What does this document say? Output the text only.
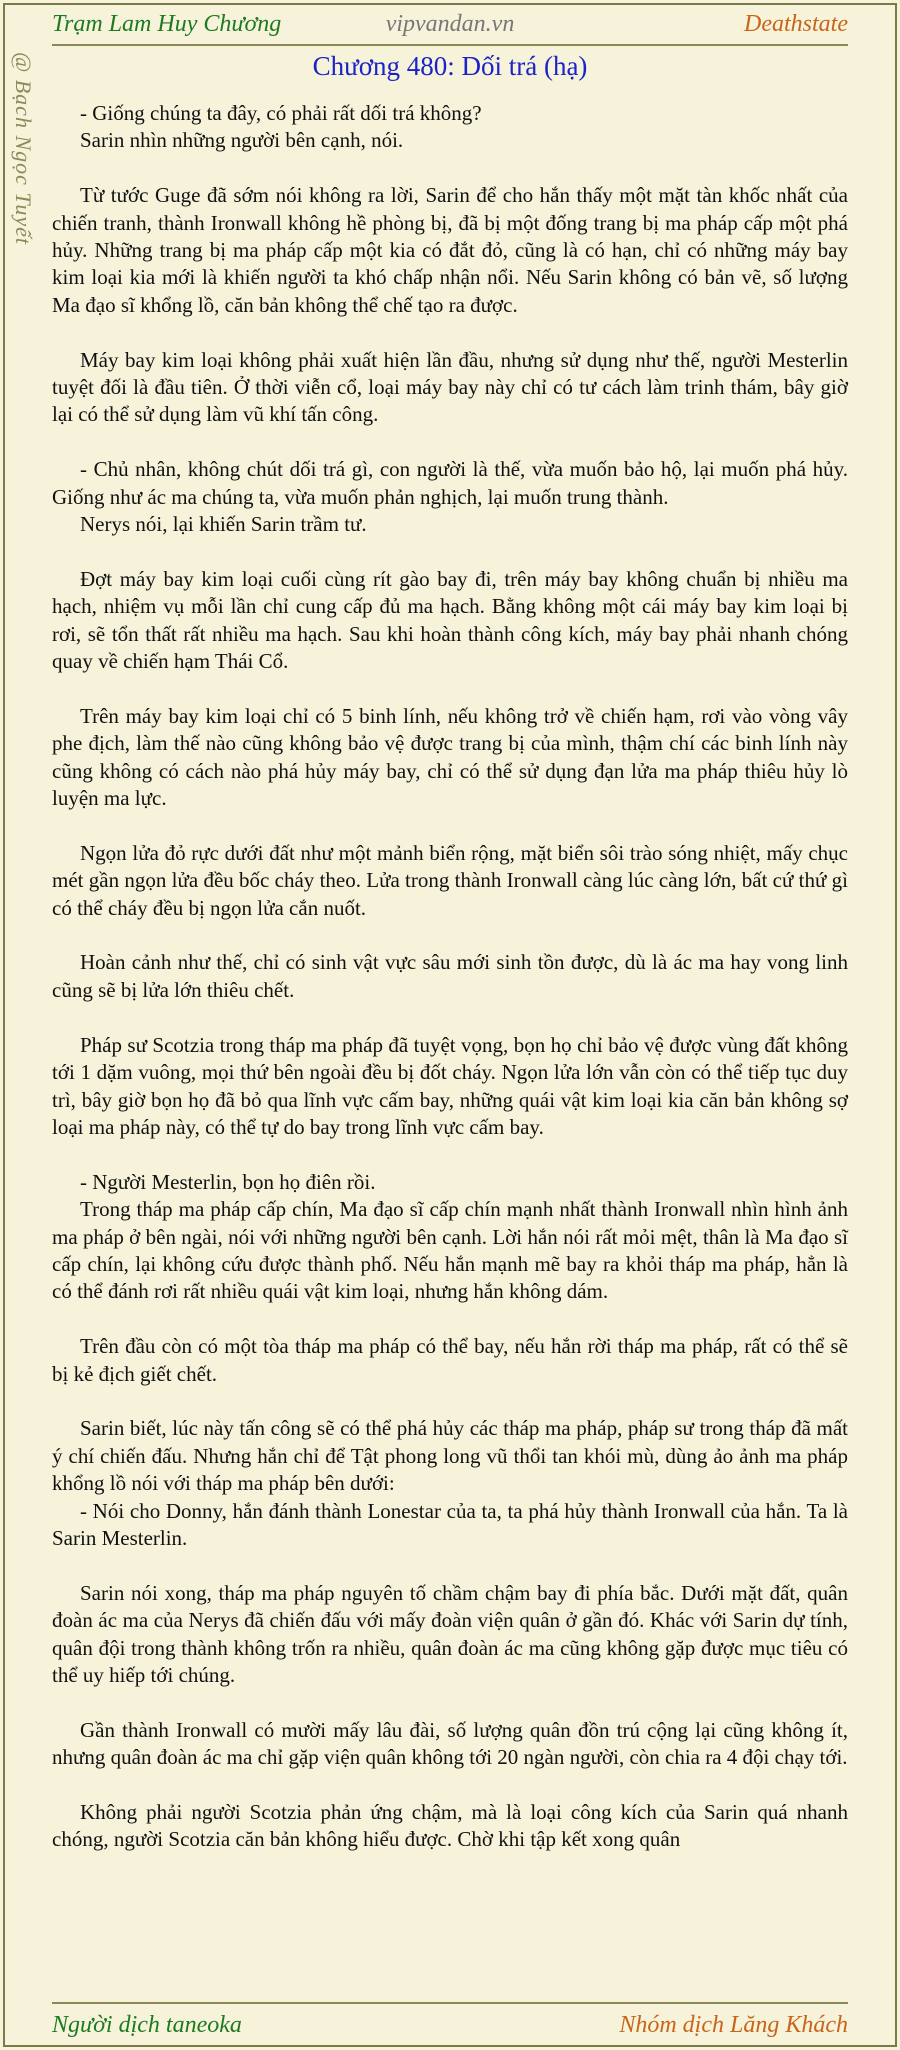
Trạm Lam Huy Chương	vipvandan.vn	Deathstate
@ Bạch Ngọc Tuyết	Chương 480: Dối trá (hạ)

- Giống chúng ta đây, có phải rất dối trá không?

Sarin nhìn những người bên cạnh, nói.

Từ tước Guge đã sớm nói không ra lời, Sarin để cho hắn thấy một mặt tàn khốc nhất của chiến tranh, thành Ironwall không hề phòng bị, đã bị một đống trang bị ma pháp cấp một phá hủy. Những trang bị ma pháp cấp một kia có đắt đỏ, cũng là có hạn, chỉ có những máy bay kim loại kia mới là khiến người ta khó chấp nhận nổi. Nếu Sarin không có bản vẽ, số lượng Ma đạo sĩ khổng lồ, căn bản không thể chế tạo ra được.

Máy bay kim loại không phải xuất hiện lần đầu, nhưng sử dụng như thế, người Mesterlin tuyệt đối là đầu tiên. Ở thời viễn cổ, loại máy bay này chỉ có tư cách làm trinh thám, bây giờ lại có thể sử dụng làm vũ khí tấn công.

- Chủ nhân, không chút dối trá gì, con người là thế, vừa muốn bảo hộ, lại muốn phá hủy. Giống như ác ma chúng ta, vừa muốn phản nghịch, lại muốn trung thành.

Nerys nói, lại khiến Sarin trầm tư.

Đợt máy bay kim loại cuối cùng rít gào bay đi, trên máy bay không chuẩn bị nhiều ma hạch, nhiệm vụ mỗi lần chỉ cung cấp đủ ma hạch. Bằng không một cái máy bay kim loại bị rơi, sẽ tổn thất rất nhiều ma hạch. Sau khi hoàn thành công kích, máy bay phải nhanh chóng quay về chiến hạm Thái Cổ.

Trên máy bay kim loại chỉ có 5 binh lính, nếu không trở về chiến hạm, rơi vào vòng vây phe địch, làm thế nào cũng không bảo vệ được trang bị của mình, thậm chí các binh lính này cũng không có cách nào phá hủy máy bay, chỉ có thể sử dụng đạn lửa ma pháp thiêu hủy lò luyện ma lực.

Ngọn lửa đỏ rực dưới đất như một mảnh biển rộng, mặt biển sôi trào sóng nhiệt, mấy chục mét gần ngọn lửa đều bốc cháy theo. Lửa trong thành Ironwall càng lúc càng lớn, bất cứ thứ gì có thể cháy đều bị ngọn lửa cắn nuốt.

Hoàn cảnh như thế, chỉ có sinh vật vực sâu mới sinh tồn được, dù là ác ma hay vong linh cũng sẽ bị lửa lớn thiêu chết.

Pháp sư Scotzia trong tháp ma pháp đã tuyệt vọng, bọn họ chỉ bảo vệ được vùng đất không tới 1 dặm vuông, mọi thứ bên ngoài đều bị đốt cháy. Ngọn lửa lớn vẫn còn có thể tiếp tục duy trì, bây giờ bọn họ đã bỏ qua lĩnh vực cấm bay, những quái vật kim loại kia căn bản không sợ loại ma pháp này, có thể tự do bay trong lĩnh vực cấm bay.

- Người Mesterlin, bọn họ điên rồi.

Trong tháp ma pháp cấp chín, Ma đạo sĩ cấp chín mạnh nhất thành Ironwall nhìn hình ảnh ma pháp ở bên ngài, nói với những người bên cạnh. Lời hắn nói rất mỏi mệt, thân là Ma đạo sĩ cấp chín, lại không cứu được thành phố. Nếu hắn mạnh mẽ bay ra khỏi tháp ma pháp, hẳn là có thể đánh rơi rất nhiều quái vật kim loại, nhưng hắn không dám.

Trên đầu còn có một tòa tháp ma pháp có thể bay, nếu hắn rời tháp ma pháp, rất có thể sẽ bị kẻ địch giết chết.

Sarin biết, lúc này tấn công sẽ có thể phá hủy các tháp ma pháp, pháp sư trong tháp đã mất ý chí chiến đấu. Nhưng hắn chỉ để Tật phong long vũ thổi tan khói mù, dùng ảo ảnh ma pháp khổng lồ nói với tháp ma pháp bên dưới:

- Nói cho Donny, hắn đánh thành Lonestar của ta, ta phá hủy thành Ironwall của hắn. Ta là Sarin Mesterlin.

Sarin nói xong, tháp ma pháp nguyên tố chầm chậm bay đi phía bắc. Dưới mặt đất, quân đoàn ác ma của Nerys đã chiến đấu với mấy đoàn viện quân ở gần đó. Khác với Sarin dự tính, quân đội trong thành không trốn ra nhiều, quân đoàn ác ma cũng không gặp được mục tiêu có thể uy hiếp tới chúng.

Gần thành Ironwall có mười mấy lâu đài, số lượng quân đồn trú cộng lại cũng không ít, nhưng quân đoàn ác ma chỉ gặp viện quân không tới 20 ngàn người, còn chia ra 4 đội chạy tới.

Không phải người Scotzia phản ứng chậm, mà là loại công kích của Sarin quá nhanh chóng, người Scotzia căn bản không hiểu được. Chờ khi tập kết xong quân

Người dịch taneoka	Nhóm dịch Lăng Khách
